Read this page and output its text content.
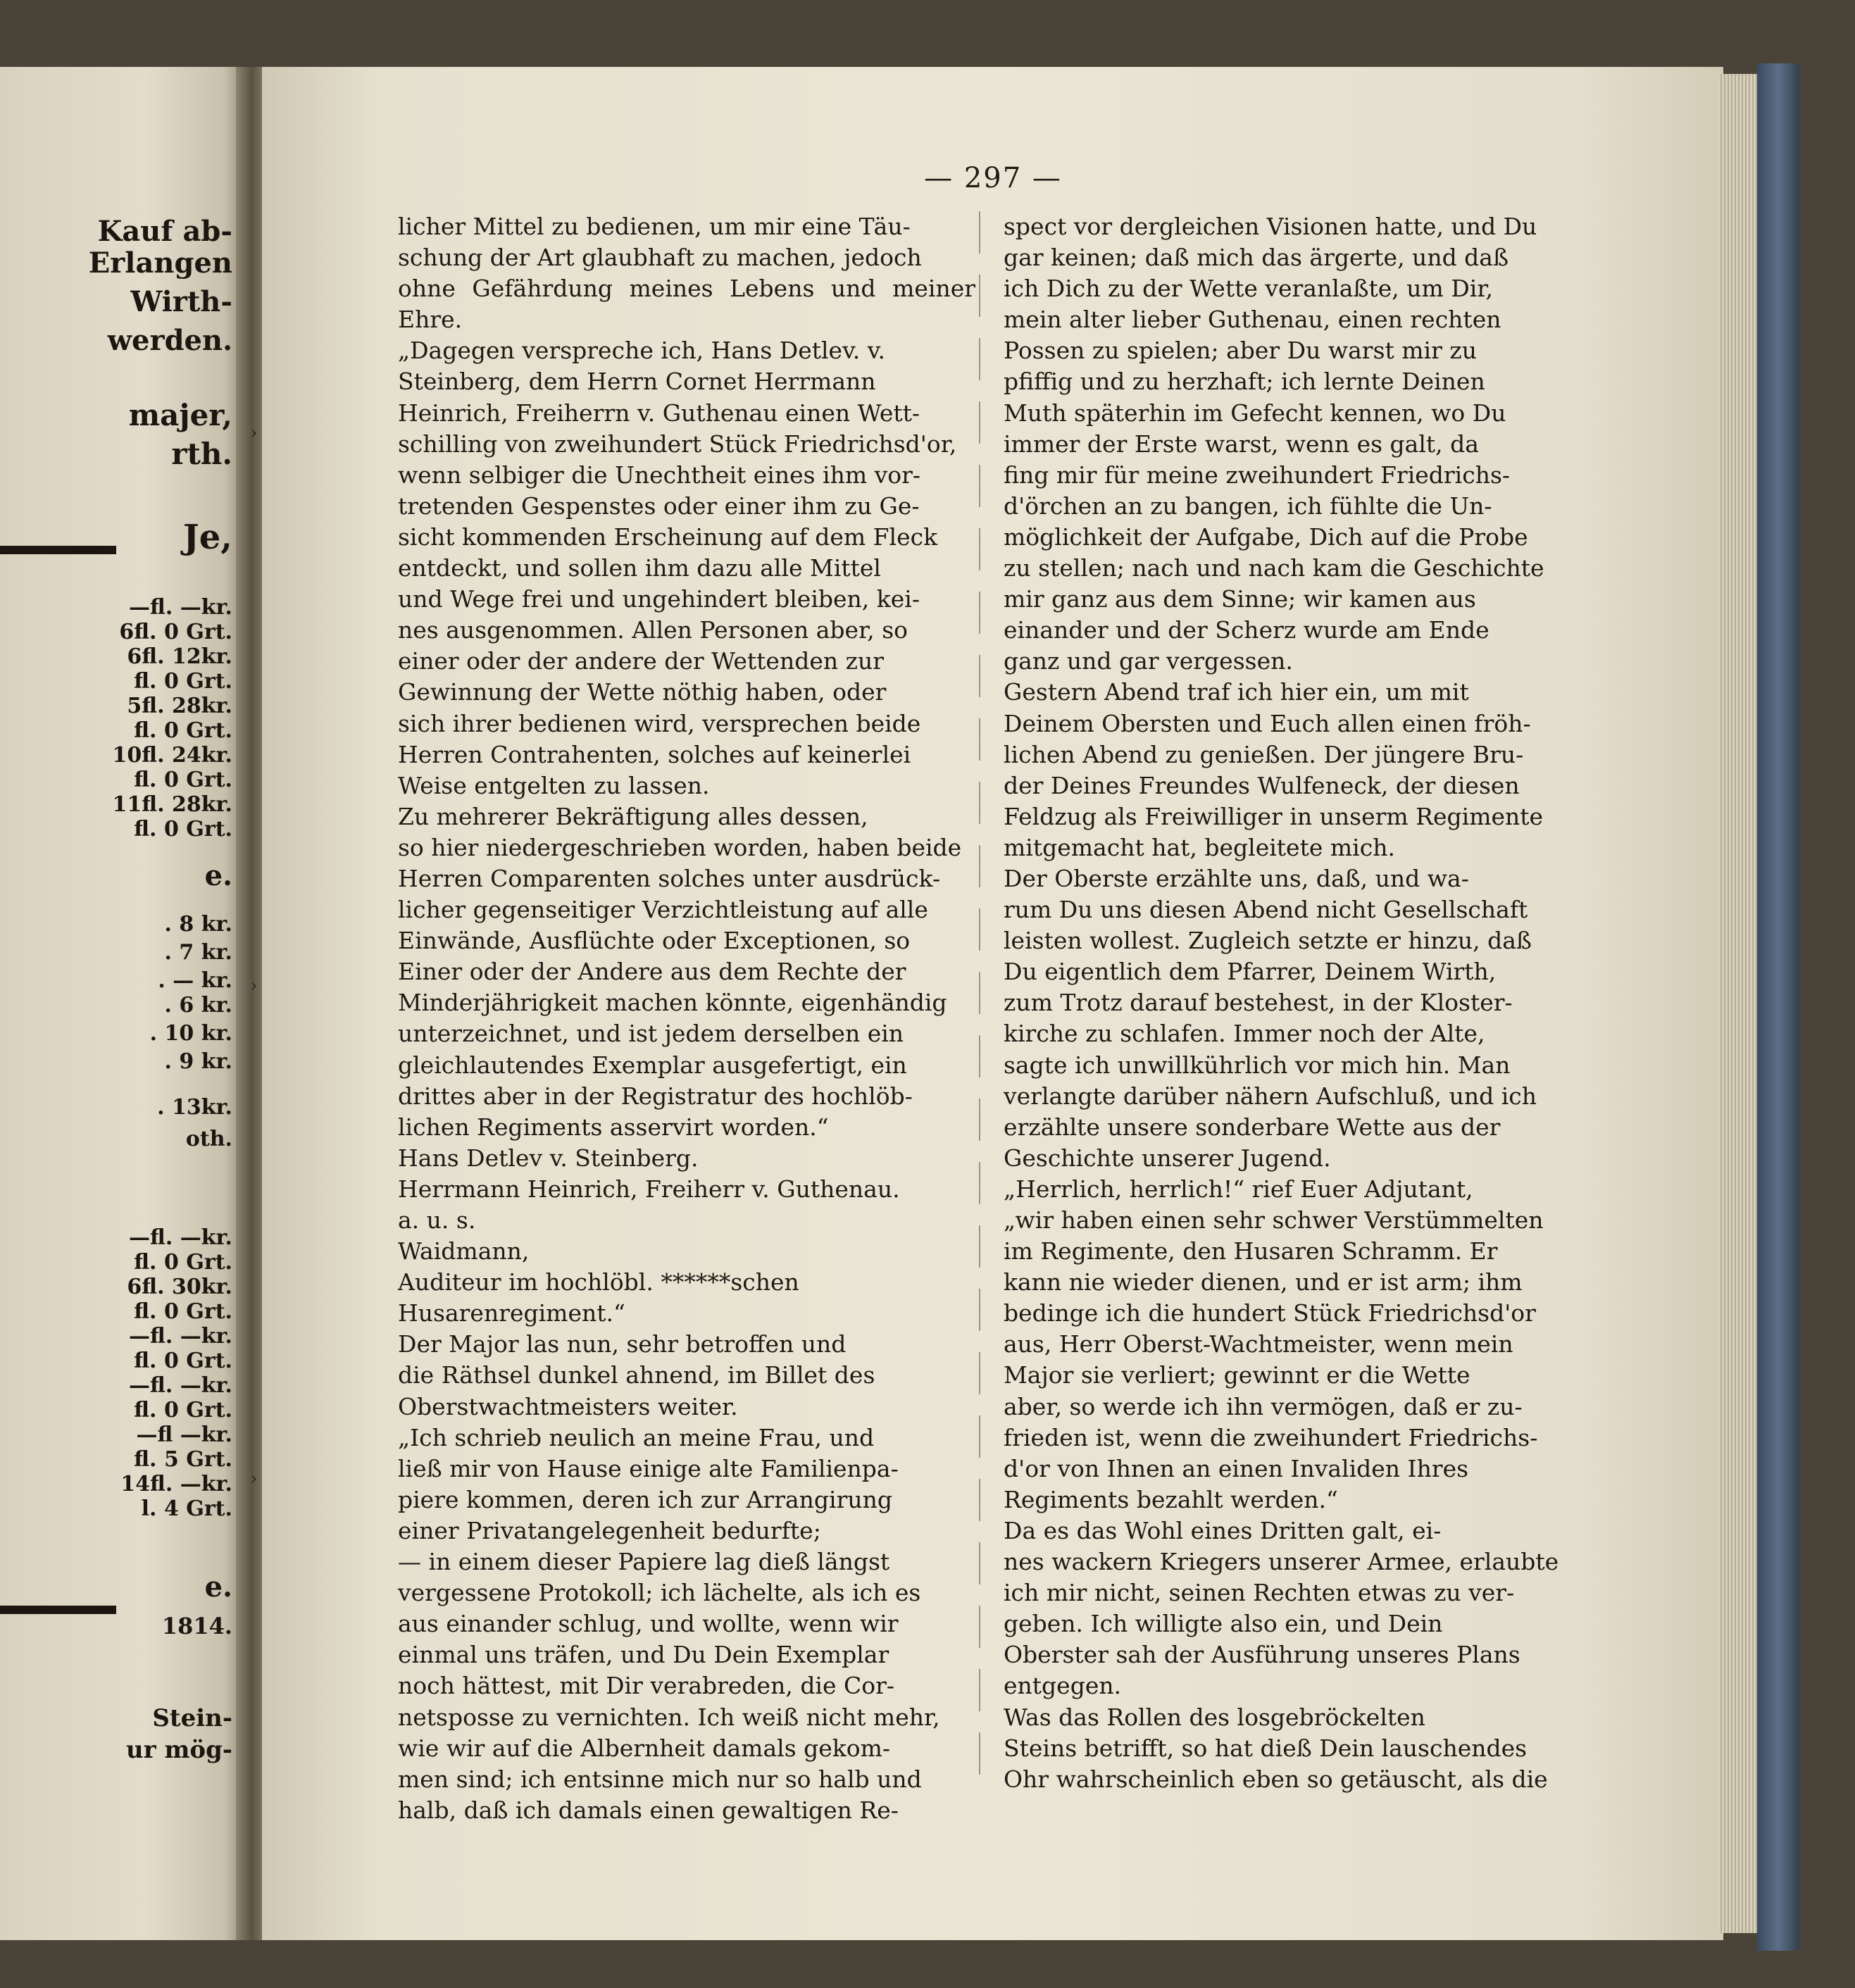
Kauf ab-
Erlangen
Wirth-
werden.
majer,
rth.
Je,
—fl. —kr.
6fl. 0 Grt.
6fl. 12kr.
fl. 0 Grt.
5fl. 28kr.
fl. 0 Grt.
10fl. 24kr.
fl. 0 Grt.
11fl. 28kr.
fl. 0 Grt.
e.
. 8 kr.
. 7 kr.
. — kr.
. 6 kr.
. 10 kr.
. 9 kr.
. 13kr.
oth.
—fl. —kr.
fl. 0 Grt.
6fl. 30kr.
fl. 0 Grt.
—fl. —kr.
fl. 0 Grt.
—fl. —kr.
fl. 0 Grt.
—fl —kr.
fl. 5 Grt.
14fl. —kr.
l. 4 Grt.
e.
1814.
Stein-
ur mög-
›
›
›
— 297 —

licher Mittel zu bedienen, um mir eine Täu-
schung der Art glaubhaft zu machen, jedoch
ohne Gefährdung meines Lebens und meiner Ehre.

„Dagegen verspreche ich, Hans Detlev. v.
Steinberg, dem Herrn Cornet Herrmann
Heinrich, Freiherrn v. Guthenau einen Wett-
schilling von zweihundert Stück Friedrichsd'or,
wenn selbiger die Unechtheit eines ihm vor-
tretenden Gespenstes oder einer ihm zu Ge-
sicht kommenden Erscheinung auf dem Fleck
entdeckt, und sollen ihm dazu alle Mittel
und Wege frei und ungehindert bleiben, kei-
nes ausgenommen. Allen Personen aber, so
einer oder der andere der Wettenden zur
Gewinnung der Wette nöthig haben, oder
sich ihrer bedienen wird, versprechen beide
Herren Contrahenten, solches auf keinerlei
Weise entgelten zu lassen.

Zu mehrerer Bekräftigung alles dessen,
so hier niedergeschrieben worden, haben beide
Herren Comparenten solches unter ausdrück-
licher gegenseitiger Verzichtleistung auf alle
Einwände, Ausflüchte oder Exceptionen, so
Einer oder der Andere aus dem Rechte der
Minderjährigkeit machen könnte, eigenhändig
unterzeichnet, und ist jedem derselben ein
gleichlautendes Exemplar ausgefertigt, ein
drittes aber in der Registratur des hochlöb-
lichen Regiments asservirt worden.“

Hans Detlev v. Steinberg.

Herrmann Heinrich, Freiherr v. Guthenau.

a. u. s.

Waidmann,

Auditeur im hochlöbl. ******schen
Husarenregiment.“

Der Major las nun, sehr betroffen und
die Räthsel dunkel ahnend, im Billet des
Oberstwachtmeisters weiter.

„Ich schrieb neulich an meine Frau, und
ließ mir von Hause einige alte Familienpa-
piere kommen, deren ich zur Arrangirung
einer Privatangelegenheit bedurfte;
— in einem dieser Papiere lag dieß längst
vergessene Protokoll; ich lächelte, als ich es
aus einander schlug, und wollte, wenn wir
einmal uns träfen, und Du Dein Exemplar
noch hättest, mit Dir verabreden, die Cor-
netsposse zu vernichten. Ich weiß nicht mehr,
wie wir auf die Albernheit damals gekom-
men sind; ich entsinne mich nur so halb und
halb, daß ich damals einen gewaltigen Re-

spect vor dergleichen Visionen hatte, und Du
gar keinen; daß mich das ärgerte, und daß
ich Dich zu der Wette veranlaßte, um Dir,
mein alter lieber Guthenau, einen rechten
Possen zu spielen; aber Du warst mir zu
pfiffig und zu herzhaft; ich lernte Deinen
Muth späterhin im Gefecht kennen, wo Du
immer der Erste warst, wenn es galt, da
fing mir für meine zweihundert Friedrichs-
d'örchen an zu bangen, ich fühlte die Un-
möglichkeit der Aufgabe, Dich auf die Probe
zu stellen; nach und nach kam die Geschichte
mir ganz aus dem Sinne; wir kamen aus
einander und der Scherz wurde am Ende
ganz und gar vergessen.

Gestern Abend traf ich hier ein, um mit
Deinem Obersten und Euch allen einen fröh-
lichen Abend zu genießen. Der jüngere Bru-
der Deines Freundes Wulfeneck, der diesen
Feldzug als Freiwilliger in unserm Regimente
mitgemacht hat, begleitete mich.

Der Oberste erzählte uns, daß, und wa-
rum Du uns diesen Abend nicht Gesellschaft
leisten wollest. Zugleich setzte er hinzu, daß
Du eigentlich dem Pfarrer, Deinem Wirth,
zum Trotz darauf bestehest, in der Kloster-
kirche zu schlafen. Immer noch der Alte,
sagte ich unwillkührlich vor mich hin. Man
verlangte darüber nähern Aufschluß, und ich
erzählte unsere sonderbare Wette aus der
Geschichte unserer Jugend.

„Herrlich, herrlich!“ rief Euer Adjutant,
„wir haben einen sehr schwer Verstümmelten
im Regimente, den Husaren Schramm. Er
kann nie wieder dienen, und er ist arm; ihm
bedinge ich die hundert Stück Friedrichsd'or
aus, Herr Oberst-Wachtmeister, wenn mein
Major sie verliert; gewinnt er die Wette
aber, so werde ich ihn vermögen, daß er zu-
frieden ist, wenn die zweihundert Friedrichs-
d'or von Ihnen an einen Invaliden Ihres
Regiments bezahlt werden.“

Da es das Wohl eines Dritten galt, ei-
nes wackern Kriegers unserer Armee, erlaubte
ich mir nicht, seinen Rechten etwas zu ver-
geben. Ich willigte also ein, und Dein
Oberster sah der Ausführung unseres Plans
entgegen.

Was das Rollen des losgebröckelten
Steins betrifft, so hat dieß Dein lauschendes
Ohr wahrscheinlich eben so getäuscht, als die
